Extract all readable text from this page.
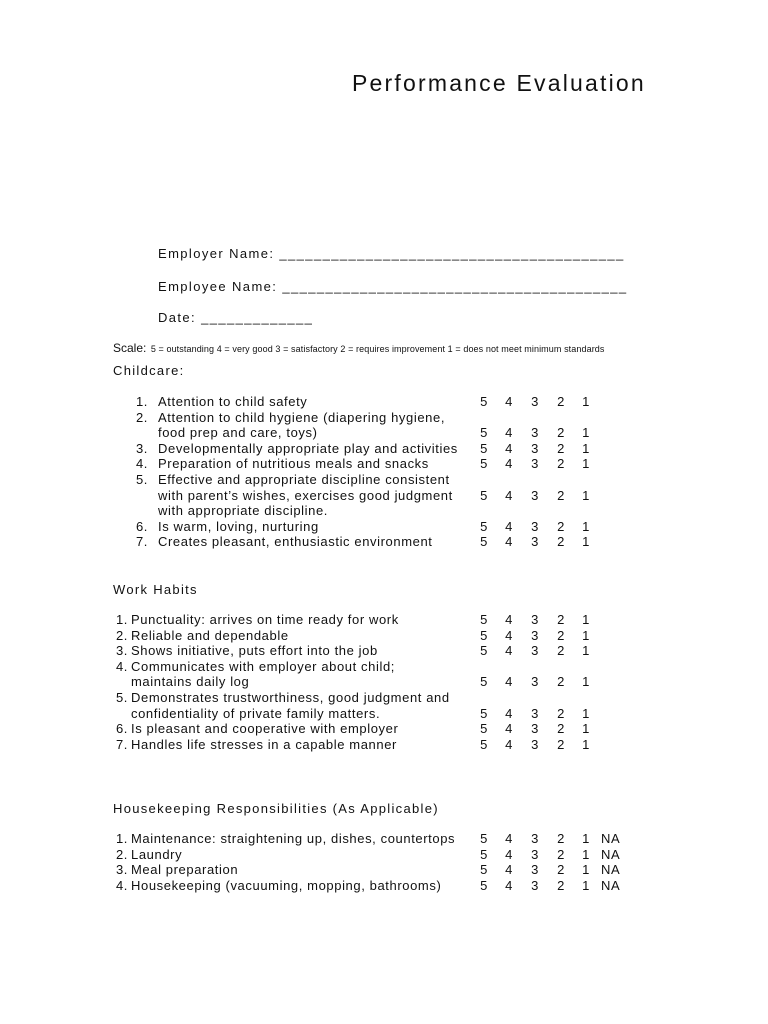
Performance Evaluation
Employer Name: ________________________________________
Employee Name: ________________________________________
Date: _____________
Scale: 5 = outstanding 4 = very good 3 = satisfactory 2 = requires improvement 1 = does not meet minimum standards
Childcare:
1. Attention to child safety	5 4 3 2 1
2. Attention to child hygiene (diapering hygiene,
food prep and care, toys)	5 4 3 2 1
3. Developmentally appropriate play and activities 5 4 3 2 1
4. Preparation of nutritious meals and snacks	5 4 3 2 1
5. Effective and appropriate discipline consistent
with parent’s wishes, exercises good judgment 5 4 3 2 1
with appropriate discipline.
6. Is warm, loving, nurturing	5 4 3 2 1
7. Creates pleasant, enthusiastic environment	5 4 3 2 1
Work Habits
1. Punctuality: arrives on time ready for work	5 4 3 2 1
2. Reliable and dependable	5 4 3 2 1
3. Shows initiative, puts effort into the job	5 4 3 2 1
4. Communicates with employer about child;
maintains daily log	5 4 3 2 1
5. Demonstrates trustworthiness, good judgment and
confidentiality of private family matters.	5 4 3 2 1
6. Is pleasant and cooperative with employer	5 4 3 2 1
7. Handles life stresses in a capable manner	5 4 3 2 1
Housekeeping Responsibilities (As Applicable)
1. Maintenance: straightening up, dishes, countertops 5 4 3 2 1 NA
2. Laundry	5 4 3 2 1 NA
3. Meal preparation	5 4 3 2 1 NA
4. Housekeeping (vacuuming, mopping, bathrooms)	5 4 3 2 1 NA
